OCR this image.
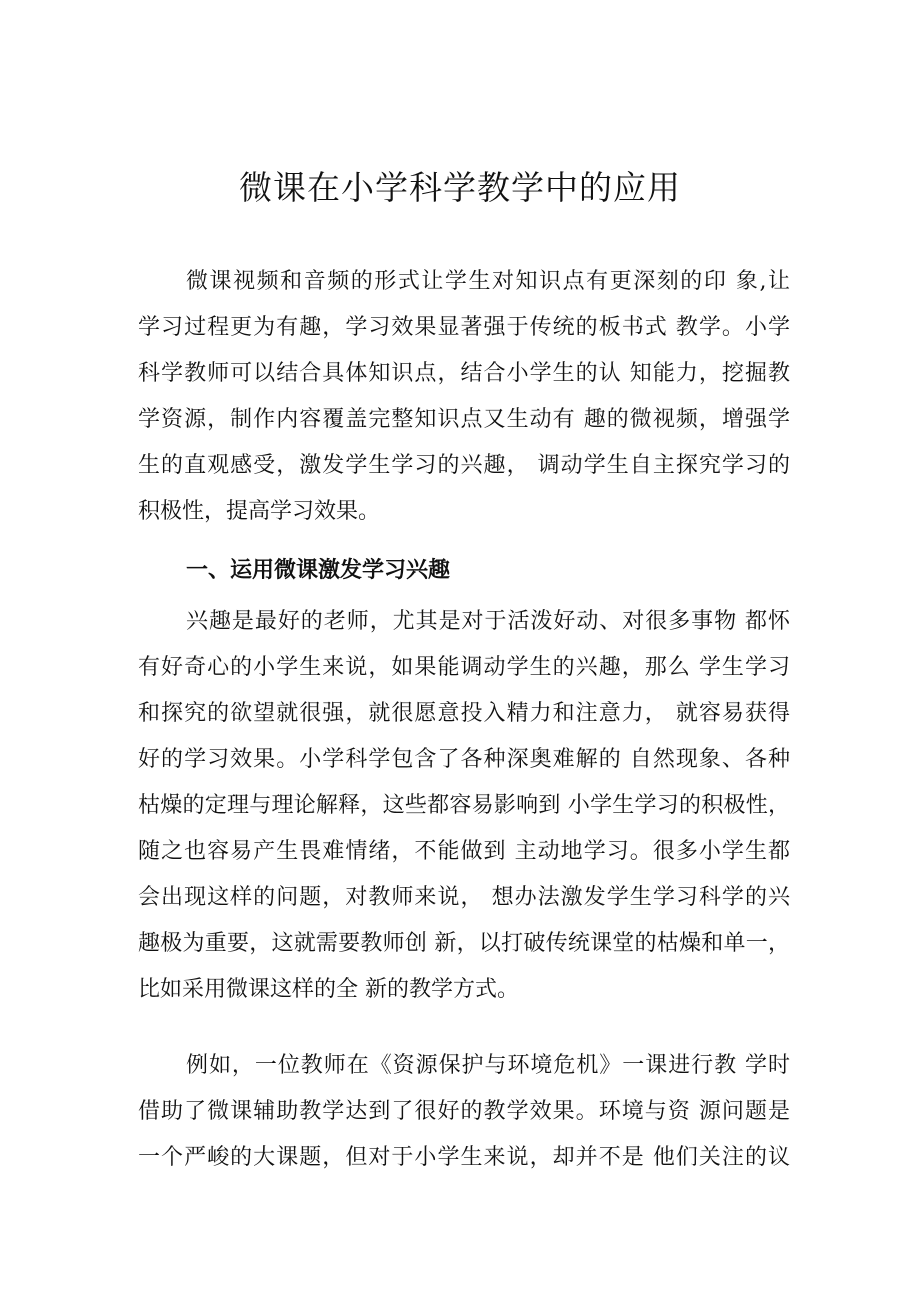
微课在小学科学教学中的应用
微课视频和音频的形式让学生对知识点有更深刻的印 象,让
学习过程更为有趣，学习效果显著强于传统的板书式 教学。小学
科学教师可以结合具体知识点，结合小学生的认 知能力，挖掘教
学资源，制作内容覆盖完整知识点又生动有 趣的微视频，增强学
生的直观感受，激发学生学习的兴趣， 调动学生自主探究学习的
积极性，提高学习效果。
一、运用微课激发学习兴趣
兴趣是最好的老师，尤其是对于活泼好动、对很多事物 都怀
有好奇心的小学生来说，如果能调动学生的兴趣，那么 学生学习
和探究的欲望就很强，就很愿意投入精力和注意力， 就容易获得
好的学习效果。小学科学包含了各种深奥难解的 自然现象、各种
枯燥的定理与理论解释，这些都容易影响到 小学生学习的积极性，
随之也容易产生畏难情绪，不能做到 主动地学习。很多小学生都
会出现这样的问题，对教师来说， 想办法激发学生学习科学的兴
趣极为重要，这就需要教师创 新，以打破传统课堂的枯燥和单一，
比如采用微课这样的全 新的教学方式。
例如，一位教师在《资源保护与环境危机》一课进行教 学时
借助了微课辅助教学达到了很好的教学效果。环境与资 源问题是
一个严峻的大课题，但对于小学生来说，却并不是 他们关注的议
